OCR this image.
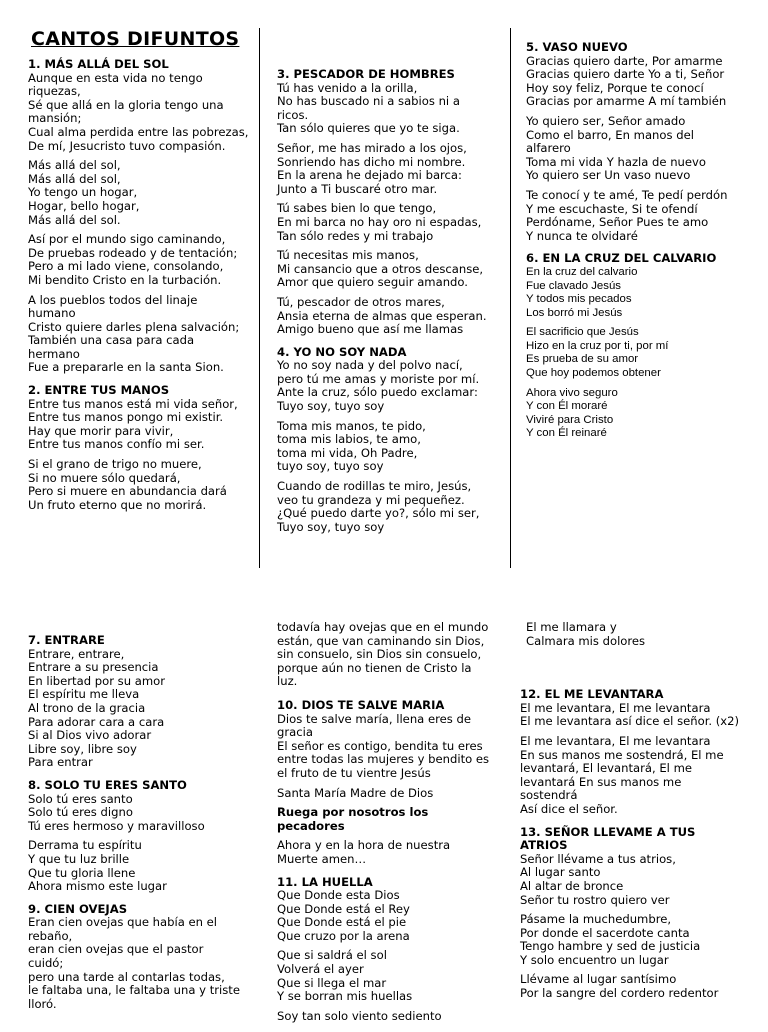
CANTOS DIFUNTOS
1. MÁS ALLÁ DEL SOL
Aunque en esta vida no tengo
riquezas,
Sé que allá en la gloria tengo una
mansión;
Cual alma perdida entre las pobrezas,
De mí, Jesucristo tuvo compasión.
Más allá del sol,
Más allá del sol,
Yo tengo un hogar,
Hogar, bello hogar,
Más allá del sol.
Así por el mundo sigo caminando,
De pruebas rodeado y de tentación;
Pero a mi lado viene, consolando,
Mi bendito Cristo en la turbación.
A los pueblos todos del linaje
humano
Cristo quiere darles plena salvación;
También una casa para cada
hermano
Fue a prepararle en la santa Sion.
2. ENTRE TUS MANOS
Entre tus manos está mi vida señor,
Entre tus manos pongo mi existir.
Hay que morir para vivir,
Entre tus manos confío mi ser.
Si el grano de trigo no muere,
Si no muere sólo quedará,
Pero si muere en abundancia dará
Un fruto eterno que no morirá.
3. PESCADOR DE HOMBRES
Tú has venido a la orilla,
No has buscado ni a sabios ni a
ricos.
Tan sólo quieres que yo te siga.
Señor, me has mirado a los ojos,
Sonriendo has dicho mi nombre.
En la arena he dejado mi barca:
Junto a Ti buscaré otro mar.
Tú sabes bien lo que tengo,
En mi barca no hay oro ni espadas,
Tan sólo redes y mi trabajo
Tú necesitas mis manos,
Mi cansancio que a otros descanse,
Amor que quiero seguir amando.
Tú, pescador de otros mares,
Ansia eterna de almas que esperan.
Amigo bueno que así me llamas
4. YO NO SOY NADA
Yo no soy nada y del polvo nací,
pero tú me amas y moriste por mí.
Ante la cruz, sólo puedo exclamar:
Tuyo soy, tuyo soy
Toma mis manos, te pido,
toma mis labios, te amo,
toma mi vida, Oh Padre,
tuyo soy, tuyo soy
Cuando de rodillas te miro, Jesús,
veo tu grandeza y mi pequeñez.
¿Qué puedo darte yo?, sólo mi ser,
Tuyo soy, tuyo soy
5. VASO NUEVO
Gracias quiero darte, Por amarme
Gracias quiero darte Yo a ti, Señor
Hoy soy feliz, Porque te conocí
Gracias por amarme A mí también
Yo quiero ser, Señor amado
Como el barro, En manos del
alfarero
Toma mi vida Y hazla de nuevo
Yo quiero ser Un vaso nuevo
Te conocí y te amé, Te pedí perdón
Y me escuchaste, Si te ofendí
Perdóname, Señor Pues te amo
Y nunca te olvidaré
6. EN LA CRUZ DEL CALVARIO
En la cruz del calvario
Fue clavado Jesús
Y todos mis pecados
Los borró mi Jesús
El sacrificio que Jesús
Hizo en la cruz por ti, por mí
Es prueba de su amor
Que hoy podemos obtener
Ahora vivo seguro
Y con Él moraré
Viviré para Cristo
Y con Él reinaré
7. ENTRARE
Entrare, entrare,
Entrare a su presencia
En libertad por su amor
El espíritu me lleva
Al trono de la gracia
Para adorar cara a cara
Si al Dios vivo adorar
Libre soy, libre soy
Para entrar
8. SOLO TU ERES SANTO
Solo tú eres santo
Solo tú eres digno
Tú eres hermoso y maravilloso
Derrama tu espíritu
Y que tu luz brille
Que tu gloria llene
Ahora mismo este lugar
9. CIEN OVEJAS
Eran cien ovejas que había en el
rebaño,
eran cien ovejas que el pastor
cuidó;
pero una tarde al contarlas todas,
le faltaba una, le faltaba una y triste
lloró.
todavía hay ovejas que en el mundo
están, que van caminando sin Dios,
sin consuelo, sin Dios sin consuelo,
porque aún no tienen de Cristo la
luz.
10. DIOS TE SALVE MARIA
Dios te salve maría, llena eres de
gracia
El señor es contigo, bendita tu eres
entre todas las mujeres y bendito es
el fruto de tu vientre Jesús
Santa María Madre de Dios
Ruega por nosotros los
pecadores
Ahora y en la hora de nuestra
Muerte amen…
11. LA HUELLA
Que Donde esta Dios
Que Donde está el Rey
Que Donde está el pie
Que cruzo por la arena
Que si saldrá el sol
Volverá el ayer
Que si llega el mar
Y se borran mis huellas
Soy tan solo viento sediento
El me llamara y
Calmara mis dolores
12. EL ME LEVANTARA
El me levantara, El me levantara
El me levantara así dice el señor. (x2)
El me levantara, El me levantara
En sus manos me sostendrá, El me
levantará, El levantará, El me
levantará En sus manos me
sostendrá
Así dice el señor.
13. SEÑOR LLEVAME A TUS
ATRIOS
Señor llévame a tus atrios,
Al lugar santo
Al altar de bronce
Señor tu rostro quiero ver
Pásame la muchedumbre,
Por donde el sacerdote canta
Tengo hambre y sed de justicia
Y solo encuentro un lugar
Llévame al lugar santísimo
Por la sangre del cordero redentor
